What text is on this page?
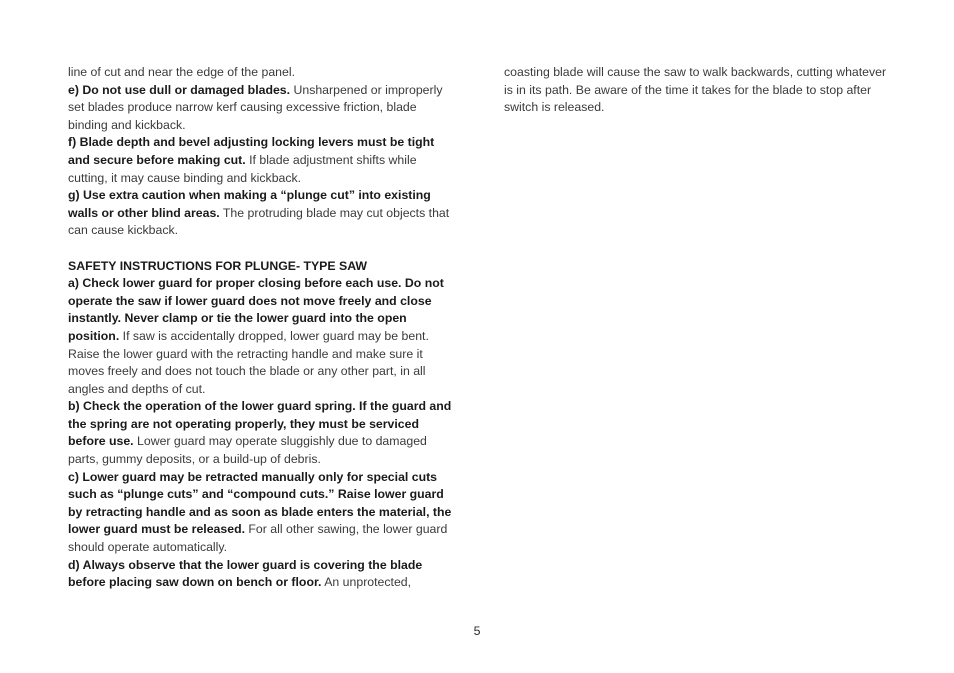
line of cut and near the edge of the panel.

e) Do not use dull or damaged blades. Unsharpened or improperly set blades produce narrow kerf causing excessive friction, blade binding and kickback.

f) Blade depth and bevel adjusting locking levers must be tight and secure before making cut. If blade adjustment shifts while cutting, it may cause binding and kickback.

g) Use extra caution when making a “plunge cut” into existing walls or other blind areas. The protruding blade may cut objects that can cause kickback.

SAFETY INSTRUCTIONS FOR PLUNGE- TYPE SAW

a) Check lower guard for proper closing before each use. Do not operate the saw if lower guard does not move freely and close instantly. Never clamp or tie the lower guard into the open position. If saw is accidentally dropped, lower guard may be bent. Raise the lower guard with the retracting handle and make sure it moves freely and does not touch the blade or any other part, in all angles and depths of cut.

b) Check the operation of the lower guard spring. If the guard and the spring are not operating properly, they must be serviced before use. Lower guard may operate sluggishly due to damaged parts, gummy deposits, or a build-up of debris.

c) Lower guard may be retracted manually only for special cuts such as “plunge cuts” and “compound cuts.” Raise lower guard by retracting handle and as soon as blade enters the material, the lower guard must be released. For all other sawing, the lower guard should operate automatically.

d) Always observe that the lower guard is covering the blade before placing saw down on bench or floor. An unprotected,

coasting blade will cause the saw to walk backwards, cutting whatever is in its path. Be aware of the time it takes for the blade to stop after switch is released.

5
